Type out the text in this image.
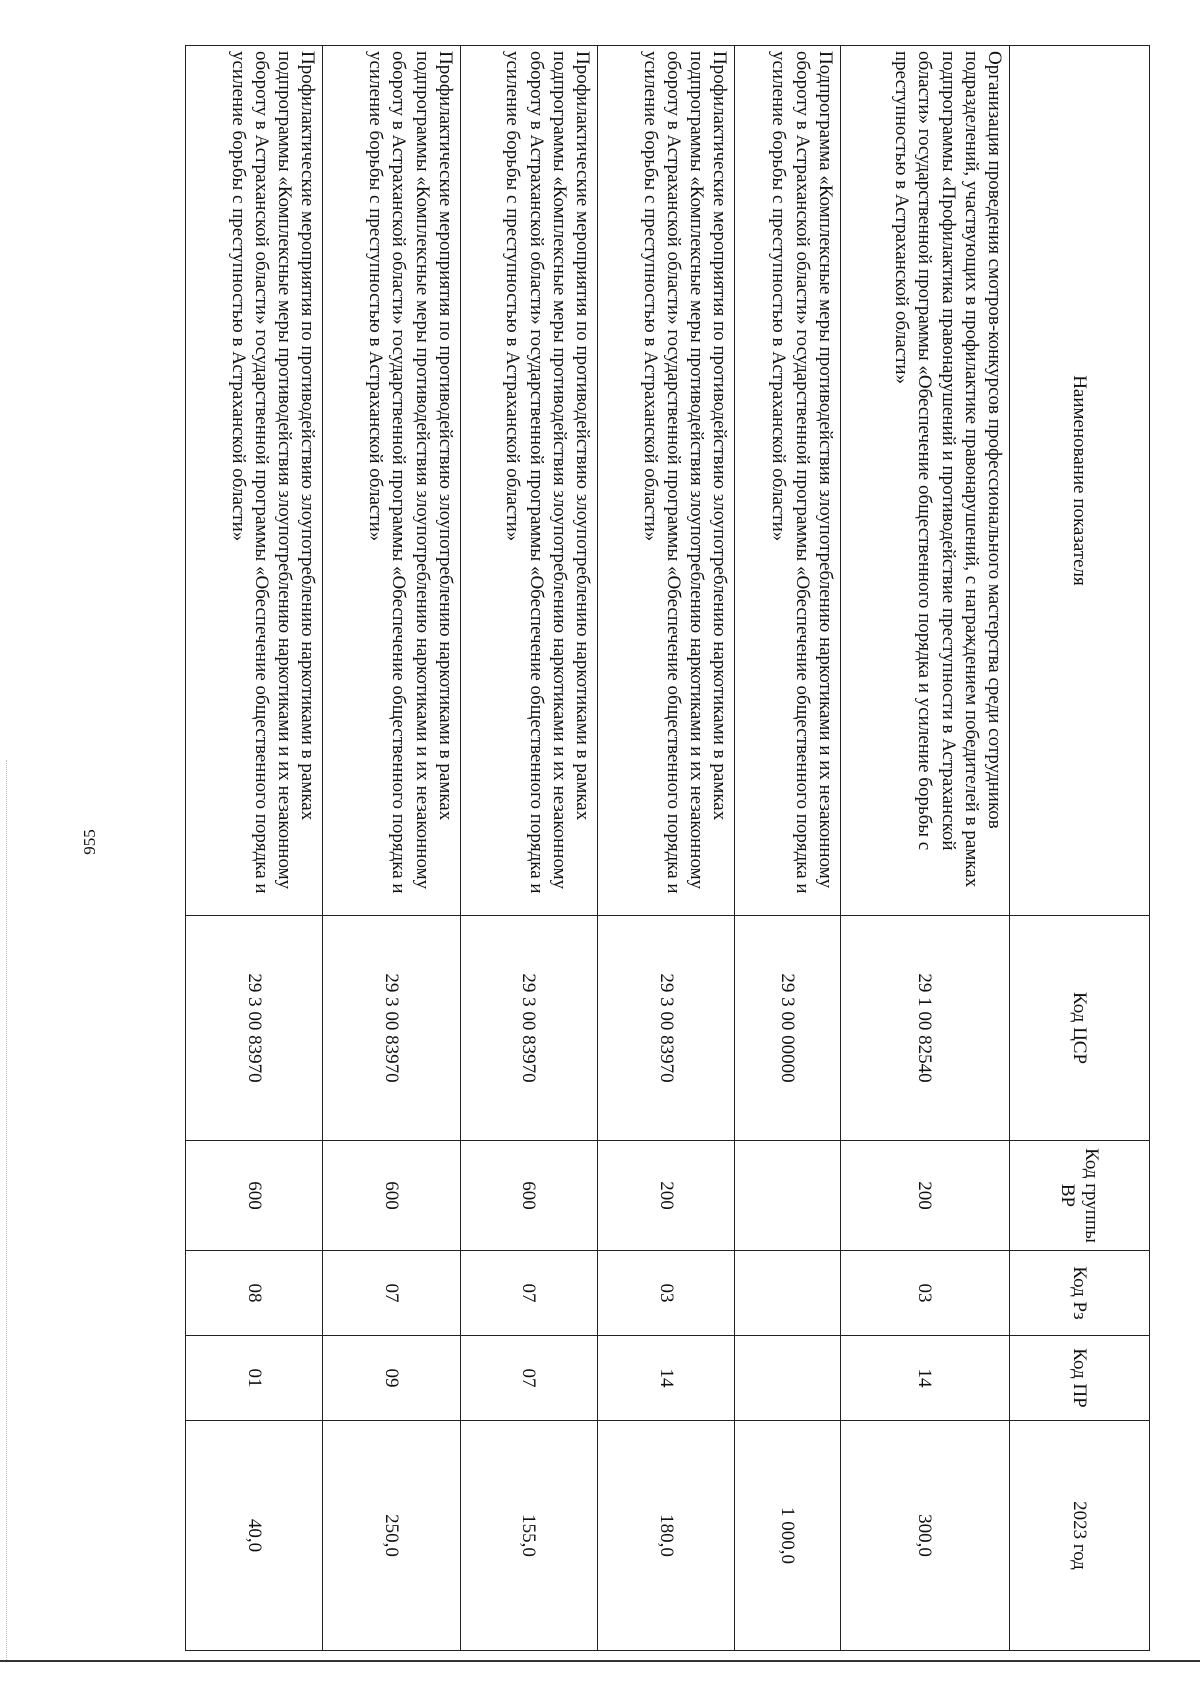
955
Наименование показателя	Код ЦСР	Код группы ВР	Код Рз	Код ПР	2023 год
Организация проведения смотров-конкурсов профессионального мастерства среди сотрудников подразделений, участвующих в профилактике правонарушений, с награждением победителей в рамках подпрограммы «Профилактика правонарушений и противодействие преступности в Астраханской области» государственной программы «Обеспечение общественного порядка и усиление борьбы с преступностью в Астраханской области»	29 1 00 82540	200	03	14	300,0
Подпрограмма «Комплексные меры противодействия злоупотреблению наркотиками и их незаконному обороту в Астраханской области» государственной программы «Обеспечение общественного порядка и усиление борьбы с преступностью в Астраханской области»	29 3 00 00000				1 000,0
Профилактические мероприятия по противодействию злоупотреблению наркотиками в рамках подпрограммы «Комплексные меры противодействия злоупотреблению наркотиками и их незаконному обороту в Астраханской области» государственной программы «Обеспечение общественного порядка и усиление борьбы с преступностью в Астраханской области»	29 3 00 83970	200	03	14	180,0
Профилактические мероприятия по противодействию злоупотреблению наркотиками в рамках подпрограммы «Комплексные меры противодействия злоупотреблению наркотиками и их незаконному обороту в Астраханской области» государственной программы «Обеспечение общественного порядка и усиление борьбы с преступностью в Астраханской области»	29 3 00 83970	600	07	07	155,0
Профилактические мероприятия по противодействию злоупотреблению наркотиками в рамках подпрограммы «Комплексные меры противодействия злоупотреблению наркотиками и их незаконному обороту в Астраханской области» государственной программы «Обеспечение общественного порядка и усиление борьбы с преступностью в Астраханской области»	29 3 00 83970	600	07	09	250,0
Профилактические мероприятия по противодействию злоупотреблению наркотиками в рамках подпрограммы «Комплексные меры противодействия злоупотреблению наркотиками и их незаконному обороту в Астраханской области» государственной программы «Обеспечение общественного порядка и усиление борьбы с преступностью в Астраханской области»	29 3 00 83970	600	08	01	40,0
